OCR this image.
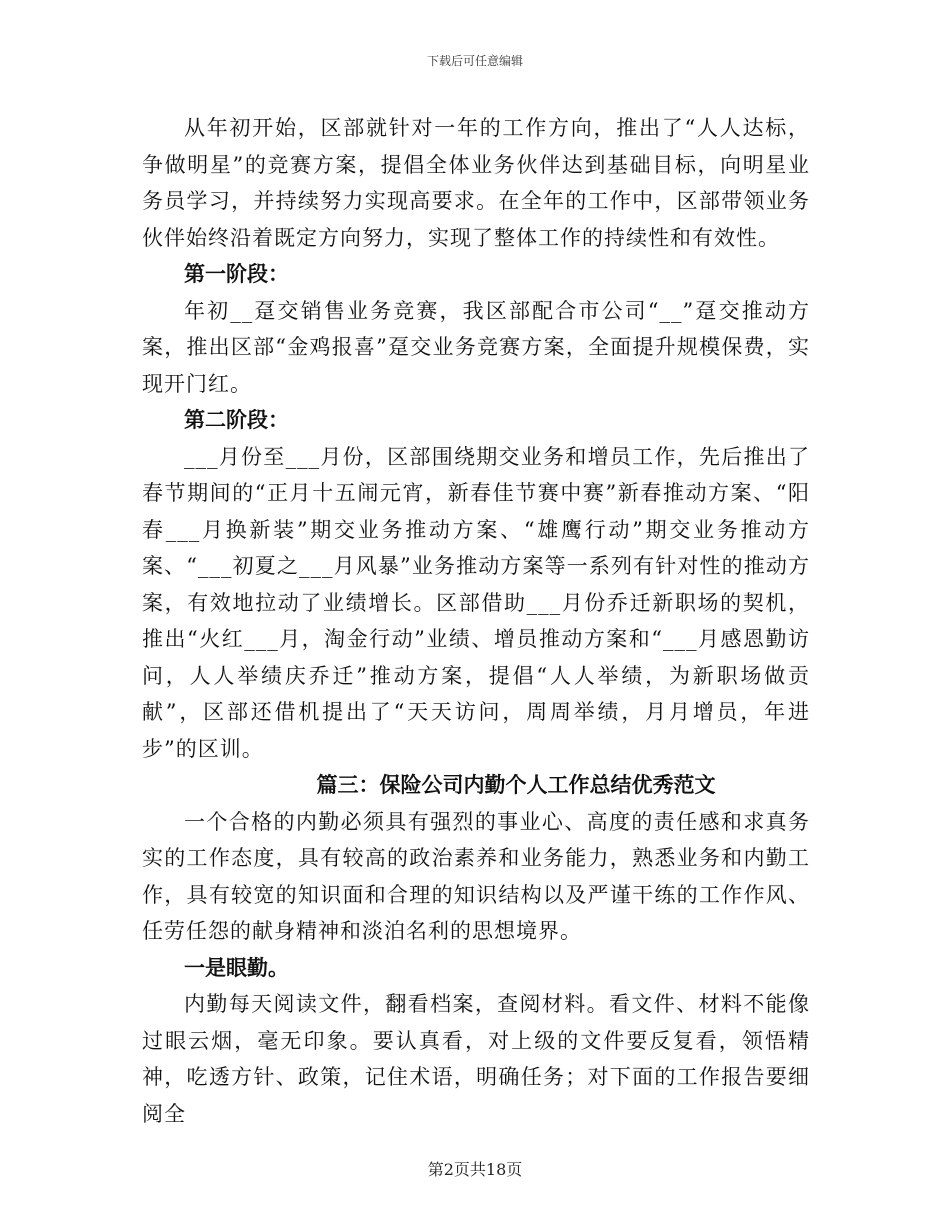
下载后可任意编辑

从年初开始，区部就针对一年的工作方向，推出了“人人达标，争做明星”的竞赛方案，提倡全体业务伙伴达到基础目标，向明星业务员学习，并持续努力实现高要求。在全年的工作中，区部带领业务伙伴始终沿着既定方向努力，实现了整体工作的持续性和有效性。

第一阶段：

年初__趸交销售业务竞赛，我区部配合市公司“__”趸交推动方案，推出区部“金鸡报喜”趸交业务竞赛方案，全面提升规模保费，实现开门红。

第二阶段：

___月份至___月份，区部围绕期交业务和增员工作，先后推出了春节期间的“正月十五闹元宵，新春佳节赛中赛”新春推动方案、“阳春___月换新装”期交业务推动方案、“雄鹰行动”期交业务推动方案、“___初夏之___月风暴”业务推动方案等一系列有针对性的推动方案，有效地拉动了业绩增长。区部借助___月份乔迁新职场的契机，推出“火红___月，淘金行动”业绩、增员推动方案和“___月感恩勤访问，人人举绩庆乔迁”推动方案，提倡“人人举绩，为新职场做贡献”，区部还借机提出了“天天访问，周周举绩，月月增员，年进步”的区训。

篇三：保险公司内勤个人工作总结优秀范文

一个合格的内勤必须具有强烈的事业心、高度的责任感和求真务实的工作态度，具有较高的政治素养和业务能力，熟悉业务和内勤工作，具有较宽的知识面和合理的知识结构以及严谨干练的工作作风、任劳任怨的献身精神和淡泊名利的思想境界。

一是眼勤。

内勤每天阅读文件，翻看档案，查阅材料。看文件、材料不能像过眼云烟，毫无印象。要认真看，对上级的文件要反复看，领悟精神，吃透方针、政策，记住术语，明确任务；对下面的工作报告要细阅全

第2页共18页
